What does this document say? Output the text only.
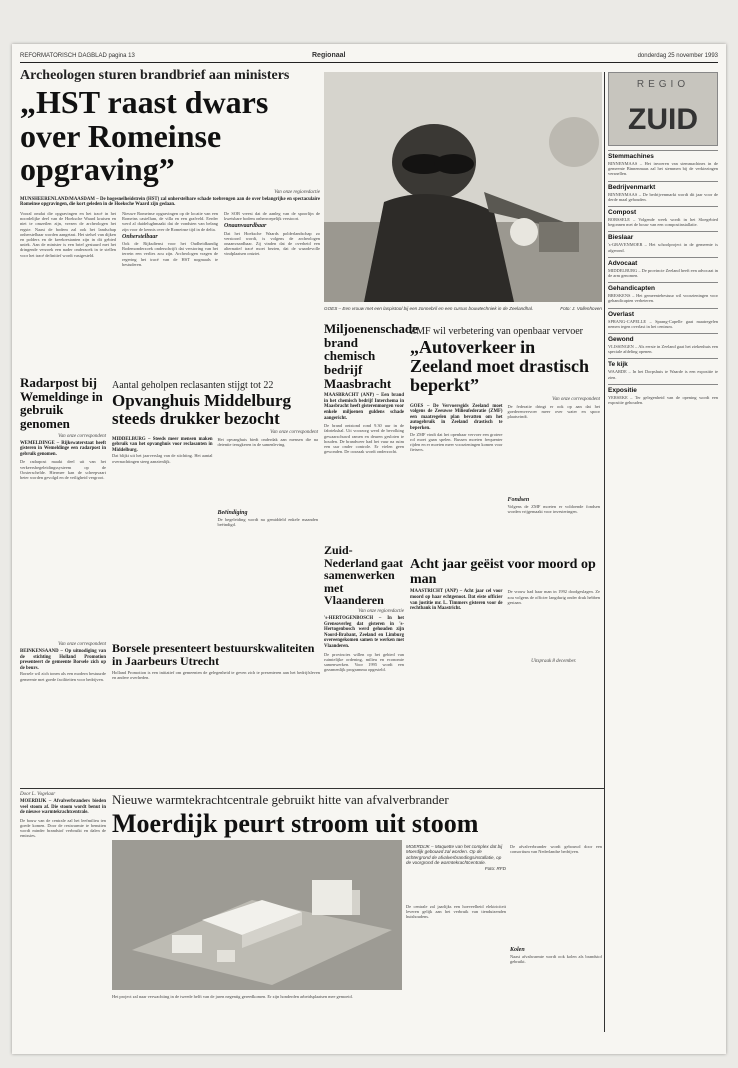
REFORMATORISCH DAGBLAD pagina 13	Regionaal	donderdag 25 november 1993
Archeologen sturen brandbrief aan ministers
„HST raast dwars over Romeinse opgraving”
Van onze regioredactie
MUNSHEERENLAND/MAASDAM – De hogesnelheidstrein (HST) zal onherstelbare schade toebrengen aan de over belangrijke en spectaculaire Romeinse opgravingen, die kort geleden in de Hoeksche Waard zijn gedaan.
Vooral omdat die opgravingen en het tracé in het noordelijke deel van de Hoeksche Waard kruisen en niet te omzeilen zijn, vrezen de archeologen het ergste. Naast de bodem zal ook het landschap onherstelbaar worden aangetast. Het stelsel van dijken en polders en de kreekrestanten zijn in dit gebied uniek. Aan de minister is een brief gestuurd met het dringende verzoek een nader onderzoek in te stellen voor het tracé definitief wordt vastgesteld.
Nieuwe Romeinse opgravingen op de locatie van een Romeins castellum, de villa en een grafveld. Eerder werd al duidelughmaakt dat de vondsten van belang zijn voor de kennis over de Romeinse tijd in de delta.
Onherstelbaar
Ook de Rijksdienst voor het Oudheidkundig Bodemonderzoek onderschrijft dat verstoring van het terrein een verlies zou zijn. Archeologen vragen de regering het tracé van de HST nogmaals te bestuderen.
De SOB vreest dat de aanleg van de spoorlijn de kwetsbare bodem onherroepelijk verstoort.
Onaanvaardbaar
Dat het Hoeksche Waards polderlandschap zo verstoord wordt, is volgens de archeologen onaanvaardbaar. Zij vinden dat de overheid een alternatief tracé moet bezien, dat de waardevolle vindplaatsen ontziet.
GOES – Een vrouw met een laspistool bij een zonnebril en een cursus bouwtechniek in de Zeelandhal.	Foto: J. Vollenhoven
REGIO
ZUID
Stemmachines

BINNENMAAS – Het invoeren van stemmachines in de gemeente Binnenmaas zal het stemmen bij de verkiezingen versnellen.

Bedrijvenmarkt

BINNENMAAS – De bedrijvenmarkt wordt dit jaar voor de derde maal gehouden.

Compost

BORSSELE – Volgende week wordt in het Sloegebied begonnen met de bouw van een compostinstallatie.

Bieslaar

's-GRAVENMOER – Het schoolproject in de gemeente is afgerond.

Advocaat

MIDDELBURG – De provincie Zeeland heeft een advocaat in de arm genomen.

Gehandicapten

BRESKENS – Het gemeentebestuur wil voorzieningen voor gehandicapten verbeteren.

Overlast

SPRANG-CAPELLE – Sprang-Capelle gaat maatregelen nemen tegen overlast in het centrum.

Gewond

VLISSINGEN – Als eerste in Zeeland gaat het ziekenhuis een speciale afdeling openen.

Te kijk

WAARDE – In het Dorpshuis te Waarde is een expositie te zien.

Expositie

YERSEKE – Ter gelegenheid van de opening wordt een expositie gehouden.

Miljoenenschade brand chemisch bedrijf Maasbracht
MAASBRACHT (ANP) – Een brand in het chemisch bedrijf Interchema in Maasbracht heeft gisterenmorgen voor enkele miljoenen guldens schade aangericht.
De brand ontstond rond 9.30 uur in de fabriekshal. Uit voorzorg werd de bevolking gewaarschuwd ramen en deuren gesloten te houden. De brandweer had het vuur na ruim een uur onder controle. Er vielen geen gewonden. De oorzaak wordt onderzocht.
Zuid-Nederland gaat samenwerken met Vlaanderen
Van onze regioredactie
's-HERTOGENBOSCH – In het Grensoverleg dat gisteren in 's-Hertogenbosch werd gehouden zijn Noord-Brabant, Zeeland en Limburg overeengekomen samen te werken met Vlaanderen.
De provincies willen op het gebied van ruimtelijke ordening, milieu en economie samenwerken. Voor 1995 wordt een gezamenlijk programma opgesteld.
ZMF wil verbetering van openbaar vervoer
„Autoverkeer in Zeeland moet drastisch beperkt”
Van onze correspondent
GOES – De Vervoersgids Zeeland moet volgens de Zeeuwse Milieufederatie (ZMF) een maatregelen plan bevatten om het autogebruik in Zeeland drastisch te beperken.
De ZMF vindt dat het openbaar vervoer een grotere rol moet gaan spelen. Bussen moeten frequenter rijden en er moeten meer voorzieningen komen voor fietsers.
De federatie dringt er ook op aan dat het goederenvervoer meer over water en spoor plaatsvindt.
Fondsen
Volgens de ZMF moeten er voldoende fondsen worden vrijgemaakt voor investeringen.
Acht jaar geëist voor moord op man
MAASTRICHT (ANP) – Acht jaar cel voor moord op haar echtgenoot. Dat eiste officier van justitie mr. L. Timmers gisteren voor de rechtbank in Maastricht.
De vrouw had haar man in 1992 doodgeslagen. Ze zou volgens de officier langdurig onder druk hebben gestaan.
Uitspraak 8 december.
Radarpost bij Wemeldinge in gebruik genomen
Van onze correspondent
WEMELDINGE – Rijkswaterstaat heeft gisteren in Wemeldinge een radarpost in gebruik genomen.
De radarpost maakt deel uit van het verkeersbegeleidingssysteem op de Oosterschelde. Hiermee kan de scheepvaart beter worden gevolgd en de veiligheid vergroot.
Aantal geholpen reclasanten stijgt tot 22
Opvanghuis Middelburg steeds drukker bezocht
Van onze correspondent
MIDDELBURG – Steeds meer mensen maken gebruik van het opvanghuis voor reclasanten in Middelburg.
Dat blijkt uit het jaarverslag van de stichting. Het aantal overnachtingen steeg aanzienlijk.
Het opvanghuis biedt onderdak aan mensen die na detentie terugkeren in de samenleving.
Beëindiging
De begeleiding wordt na gemiddeld enkele maanden beëindigd.
Van onze correspondent
BEINKENSAAND – Op uitnodiging van de stichting Holland Promotion presenteert de gemeente Borsele zich op de beurs.
Borsele wil zich tonen als een modern bestuurde gemeente met goede faciliteiten voor bedrijven.
Borsele presenteert bestuurskwaliteiten in Jaarbeurs Utrecht
Holland Promotion is een initiatief om gemeenten de gelegenheid te geven zich te presenteren aan het bedrijfsleven en andere overheden.
Door L. Vogelaar
MOERDIJK – Afvalverbranders bieden veel stoom af. Die stoom wordt benut in de nieuwe warmtekrachtcentrale.
De bouw van de centrale zal het leefmilieu ten goede komen. Door de restwarmte te benutten wordt minder brandstof verbruikt en dalen de emissies.
Nieuwe warmtekrachtcentrale gebruikt hitte van afvalverbrander
Moerdijk peurt stroom uit stoom
MOERDIJK – Maquette van het complex dat bij Moerdijk gebouwd zal worden. Op de achtergrond de afvalverbrandingsinstallatie, op de voorgrond de warmtekrachtcentrale.
Foto: RFD
De centrale zal jaarlijks een hoeveelheid elektriciteit leveren gelijk aan het verbruik van tienduizenden huishoudens.
De afvalverbrander wordt gebouwd door een consortium van Nederlandse bedrijven.
Kolen
Naast afvalwarmte wordt ook kolen als brandstof gebruikt.
Het project zal naar verwachting in de tweede helft van de jaren negentig gereedkomen. Er zijn honderden arbeidsplaatsen mee gemoeid.
